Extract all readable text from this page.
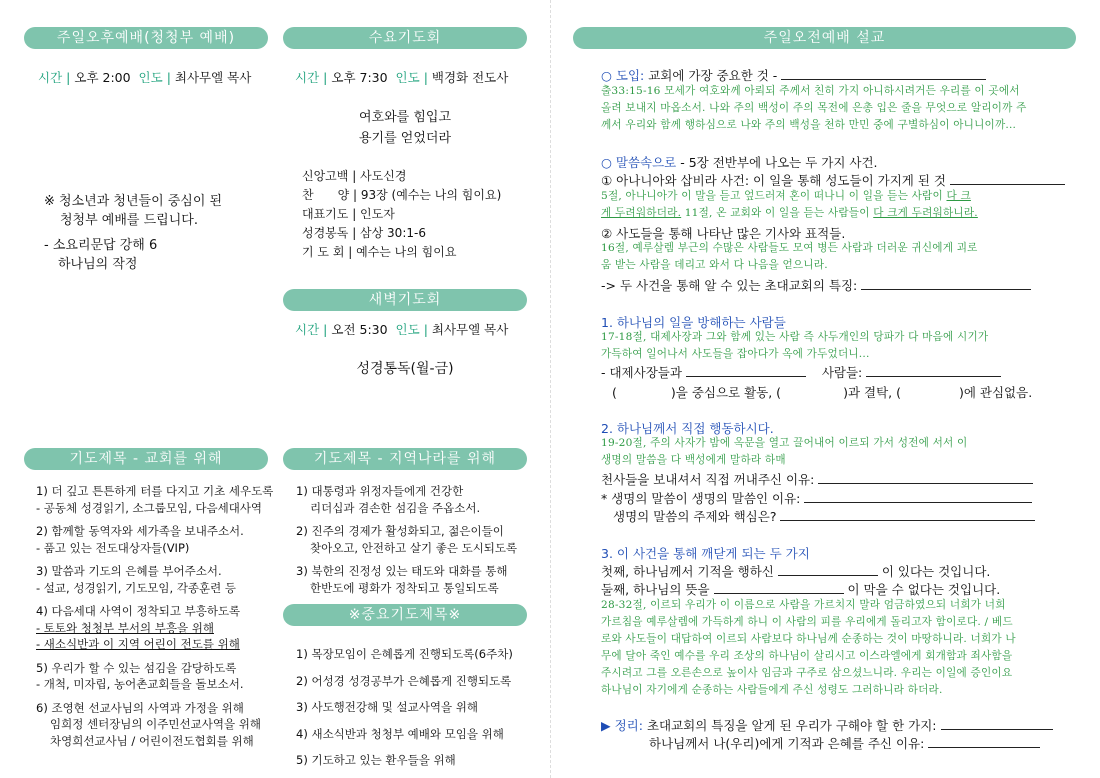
주일오후예배(청청부 예배)
시간 | 오후 2:00 인도 | 최사무엘 목사
※ 청소년과 청년들이 중심이 된
청청부 예배를 드립니다.
- 소요리문답 강해 6
하나님의 작정
수요기도회
시간 | 오후 7:30 인도 | 백경화 전도사
여호와를 힘입고
용기를 얻었더라
신앙고백 | 사도신경
찬　　양 | 93장 (예수는 나의 힘이요)
대표기도 | 인도자
성경봉독 | 삼상 30:1-6
기 도 회 | 예수는 나의 힘이요
새벽기도회
시간 | 오전 5:30 인도 | 최사무엘 목사
성경통독(월-금)
기도제목 - 교회를 위해
1) 더 깊고 튼튼하게 터를 다지고 기초 세우도록
- 공동체 성경읽기, 소그룹모임, 다음세대사역
2) 함께할 동역자와 세가족을 보내주소서.
- 품고 있는 전도대상자들(VIP)
3) 말씀과 기도의 은혜를 부어주소서.
- 설교, 성경읽기, 기도모임, 각종훈련 등
4) 다음세대 사역이 정착되고 부흥하도록
- 토토와 청청부 부서의 부흥을 위해
- 새소식반과 이 지역 어린이 전도를 위해
5) 우리가 할 수 있는 섬김을 감당하도록
- 개척, 미자립, 농어촌교회들을 돌보소서.
6) 조영현 선교사님의 사역과 가정을 위해
임희정 센터장님의 이주민선교사역을 위해
차영희선교사님 / 어린이전도협회를 위해
기도제목 - 지역나라를 위해
1) 대통령과 위정자들에게 건강한
리더십과 겸손한 섬김을 주옵소서.
2) 진주의 경제가 활성화되고, 젊은이들이
찾아오고, 안전하고 살기 좋은 도시되도록
3) 북한의 진정성 있는 태도와 대화를 통해
한반도에 평화가 정착되고 통일되도록
※중요기도제목※
1) 목장모임이 은혜롭게 진행되도록(6주차)
2) 어성경 성경공부가 은혜롭게 진행되도록
3) 사도행전강해 및 설교사역을 위해
4) 새소식반과 청청부 예배와 모임을 위해
5) 기도하고 있는 환우들을 위해
주일오전예배 설교
○ 도입: 교회에 가장 중요한 것 -
출33:15-16 모세가 여호와께 아뢰되 주께서 친히 가지 아니하시려거든 우리를 이 곳에서
올려 보내지 마옵소서. 나와 주의 백성이 주의 목전에 은총 입은 줄을 무엇으로 알리이까 주
께서 우리와 함께 행하심으로 나와 주의 백성을 천하 만민 중에 구별하심이 아니니이까...
○ 말씀속으로 - 5장 전반부에 나오는 두 가지 사건.
① 아나니아와 삽비라 사건: 이 일을 통해 성도들이 가지게 된 것
5절, 아나니아가 이 말을 듣고 엎드러져 혼이 떠나니 이 일을 듣는 사람이 다 크
게 두려워하더라. 11절, 온 교회와 이 일을 듣는 사람들이 다 크게 두려워하니라.
② 사도들을 통해 나타난 많은 기사와 표적들.
16절, 예루살렘 부근의 수많은 사람들도 모여 병든 사람과 더러운 귀신에게 괴로
움 받는 사람을 데리고 와서 다 나음을 얻으니라.
-> 두 사건을 통해 알 수 있는 초대교회의 특징:
1. 하나님의 일을 방해하는 사람들
17-18절, 대제사장과 그와 함께 있는 사람 즉 사두개인의 당파가 다 마음에 시기가
가득하여 일어나서 사도들을 잡아다가 옥에 가두었더니...
- 대제사장들과	사람들:
(	)을 중심으로 활동, (	)과 결탁, (	)에 관심없음.
2. 하나님께서 직접 행동하시다.
19-20절, 주의 사자가 밤에 옥문을 열고 끌어내어 이르되 가서 성전에 서서 이
생명의 말씀을 다 백성에게 말하라 하매
천사들을 보내셔서 직접 꺼내주신 이유:
* 생명의 말씀이 생명의 말씀인 이유:
생명의 말씀의 주제와 핵심은?
3. 이 사건을 통해 깨닫게 되는 두 가지
첫째, 하나님께서 기적을 행하신	이 있다는 것입니다.
둘째, 하나님의 뜻을	이 막을 수 없다는 것입니다.
28-32절, 이르되 우리가 이 이름으로 사람을 가르치지 말라 엄금하였으되 너희가 너희
가르침을 예루살렘에 가득하게 하니 이 사람의 피를 우리에게 돌리고자 함이로다. / 베드
로와 사도들이 대답하여 이르되 사람보다 하나님께 순종하는 것이 마땅하니라. 너희가 나
무에 달아 죽인 예수를 우리 조상의 하나님이 살리시고 이스라엘에게 회개함과 죄사함을
주시려고 그를 오른손으로 높이사 임금과 구주로 삼으셨느니라. 우리는 이일에 증인이요
하나님이 자기에게 순종하는 사람들에게 주신 성령도 그러하니라 하더라.
▶ 정리: 초대교회의 특징을 알게 된 우리가 구해야 할 한 가지:
하나님께서 나(우리)에게 기적과 은혜를 주신 이유:
